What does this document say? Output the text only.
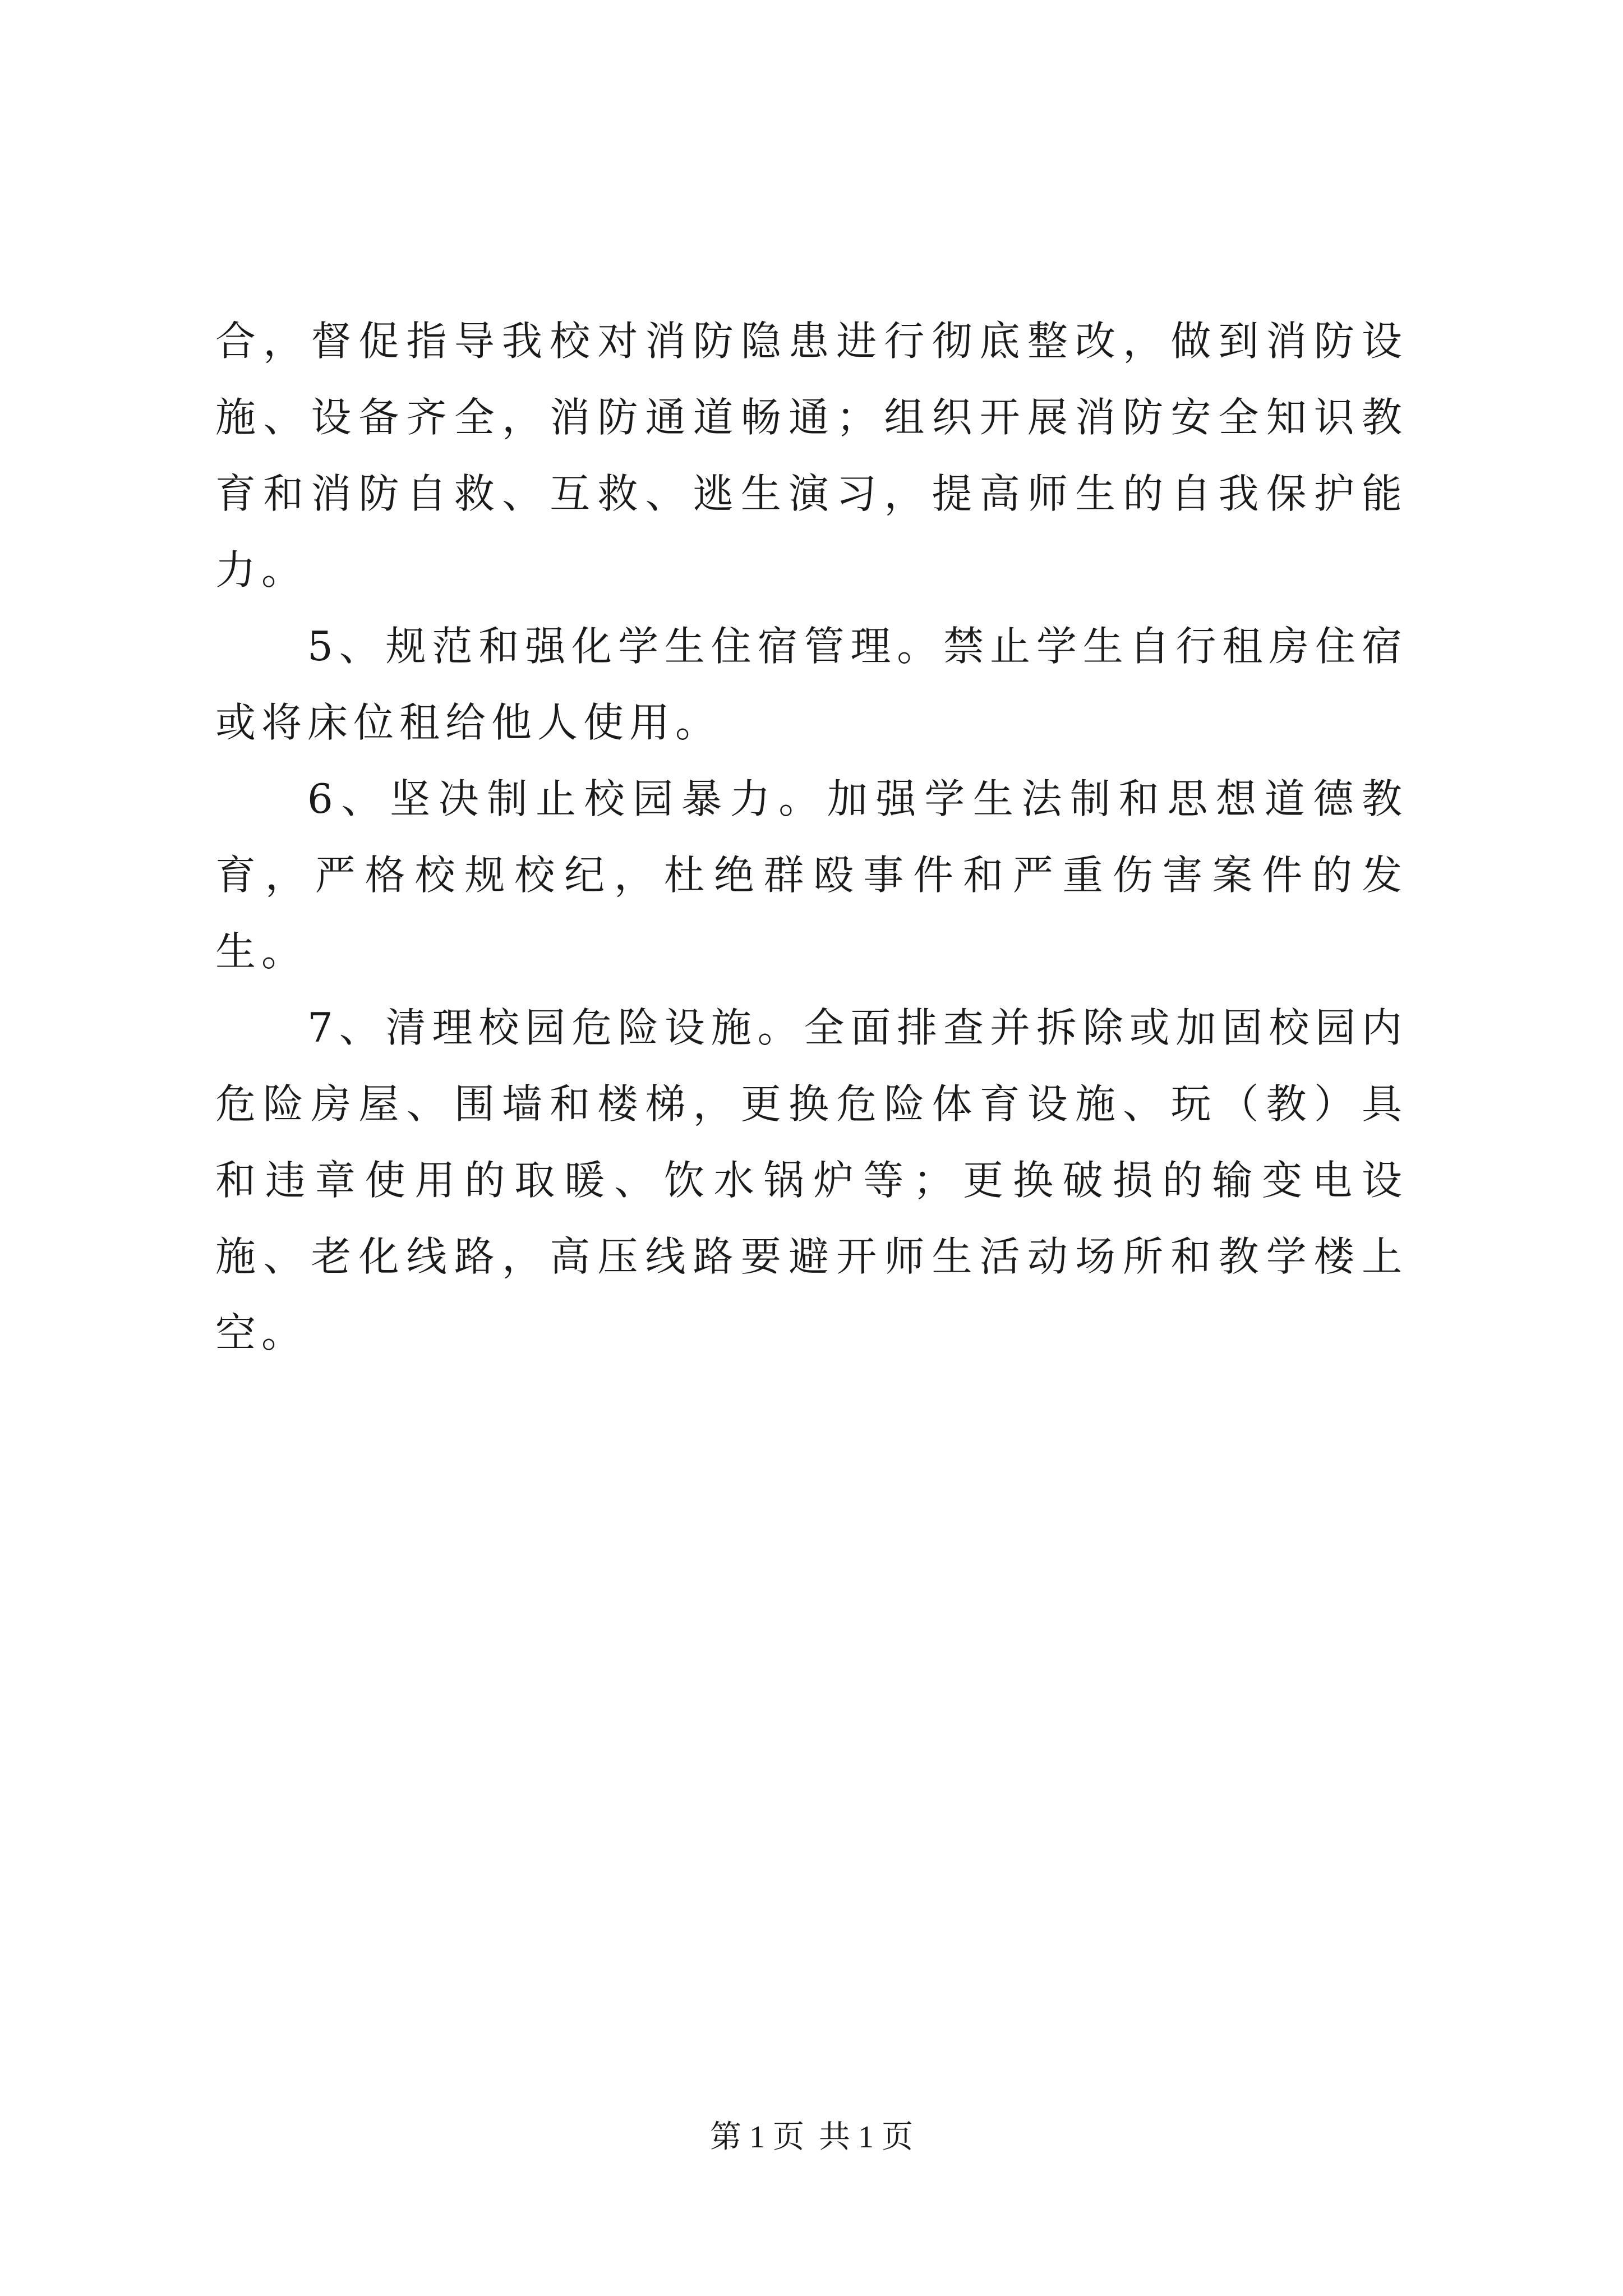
合，督促指导我校对消防隐患进行彻底整改，做到消防设施、设备齐全，消防通道畅通；组织开展消防安全知识教育和消防自救、互救、逃生演习，提高师生的自我保护能力。

5、规范和强化学生住宿管理。禁止学生自行租房住宿或将床位租给他人使用。

6、坚决制止校园暴力。加强学生法制和思想道德教育，严格校规校纪，杜绝群殴事件和严重伤害案件的发生。

7、清理校园危险设施。全面排查并拆除或加固校园内危险房屋、围墙和楼梯，更换危险体育设施、玩（教）具和违章使用的取暖、饮水锅炉等；更换破损的输变电设施、老化线路，高压线路要避开师生活动场所和教学楼上空。

第 1 页 共 1 页
